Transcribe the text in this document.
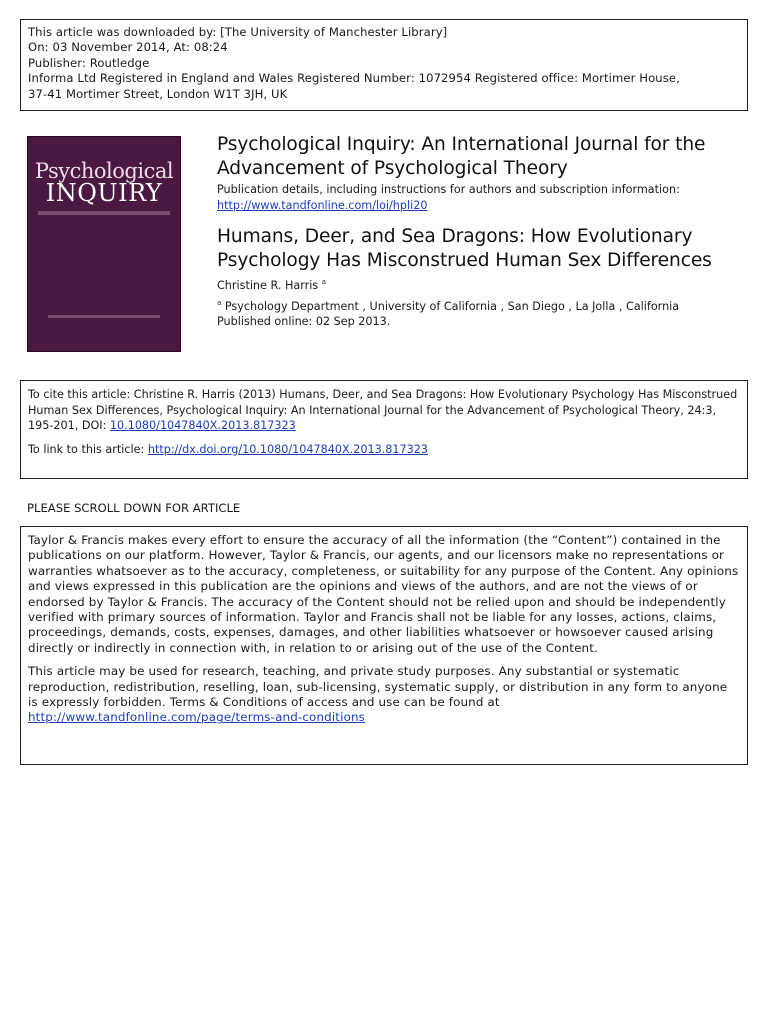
This article was downloaded by: [The University of Manchester Library]
On: 03 November 2014, At: 08:24
Publisher: Routledge
Informa Ltd Registered in England and Wales Registered Number: 1072954 Registered office: Mortimer House,
37-41 Mortimer Street, London W1T 3JH, UK
Psychological
INQUIRY
Psychological Inquiry: An International Journal for the Advancement of Psychological Theory
Publication details, including instructions for authors and subscription information:
http://www.tandfonline.com/loi/hpli20
Humans, Deer, and Sea Dragons: How Evolutionary Psychology Has Misconstrued Human Sex Differences
Christine R. Harris $^a$
$^a$ Psychology Department , University of California , San Diego , La Jolla , California
Published online: 02 Sep 2013.

To cite this article: Christine R. Harris (2013) Humans, Deer, and Sea Dragons: How Evolutionary Psychology Has Misconstrued Human Sex Differences, Psychological Inquiry: An International Journal for the Advancement of Psychological Theory, 24:3, 195-201, DOI: 10.1080/1047840X.2013.817323

To link to this article: http://dx.doi.org/10.1080/1047840X.2013.817323

PLEASE SCROLL DOWN FOR ARTICLE

Taylor & Francis makes every effort to ensure the accuracy of all the information (the “Content”) contained in the publications on our platform. However, Taylor & Francis, our agents, and our licensors make no representations or warranties whatsoever as to the accuracy, completeness, or suitability for any purpose of the Content. Any opinions and views expressed in this publication are the opinions and views of the authors, and are not the views of or endorsed by Taylor & Francis. The accuracy of the Content should not be relied upon and should be independently verified with primary sources of information. Taylor and Francis shall not be liable for any losses, actions, claims, proceedings, demands, costs, expenses, damages, and other liabilities whatsoever or howsoever caused arising directly or indirectly in connection with, in relation to or arising out of the use of the Content.

This article may be used for research, teaching, and private study purposes. Any substantial or systematic reproduction, redistribution, reselling, loan, sub-licensing, systematic supply, or distribution in any form to anyone is expressly forbidden. Terms & Conditions of access and use can be found at http://www.tandfonline.com/page/terms-and-conditions
